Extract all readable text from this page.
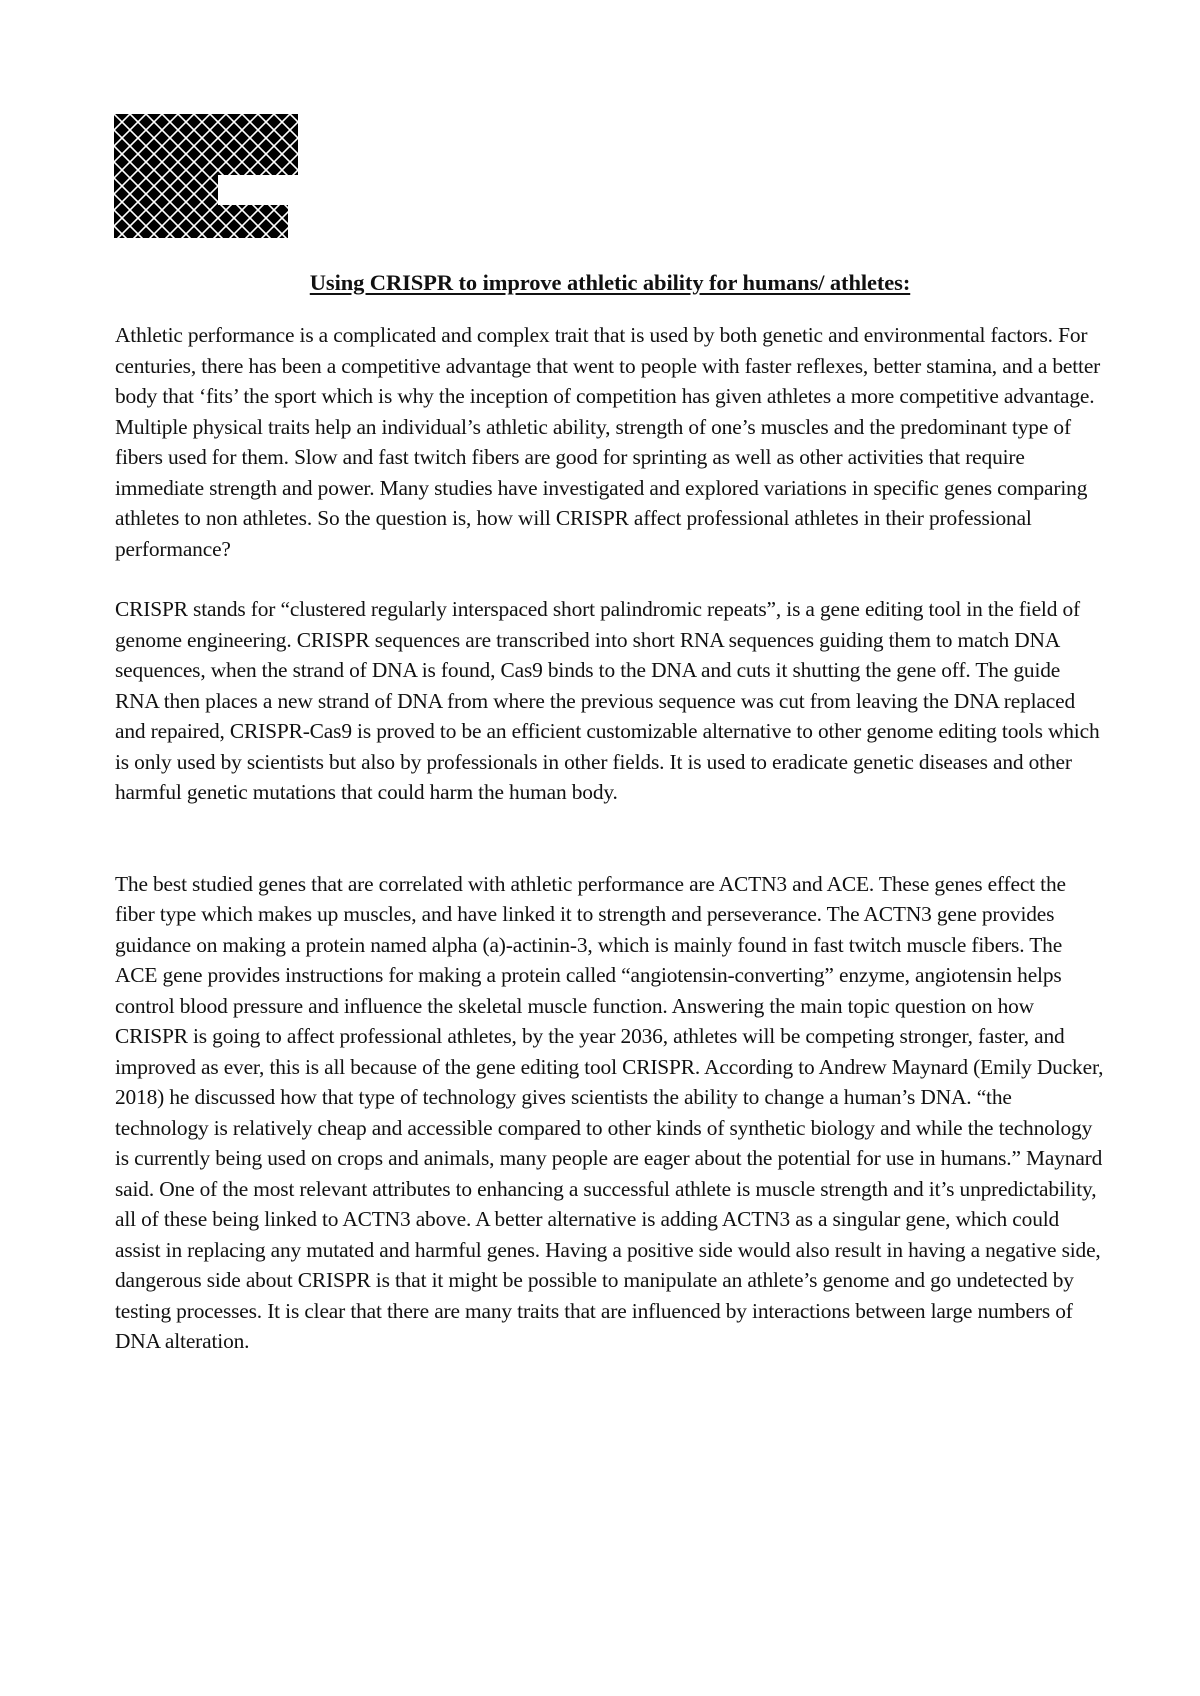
Using CRISPR to improve athletic ability for humans/ athletes:

Athletic performance is a complicated and complex trait that is used by both genetic and environmental factors. For centuries, there has been a competitive advantage that went to people with faster reflexes, better stamina, and a better body that ‘fits’ the sport which is why the inception of competition has given athletes a more competitive advantage. Multiple physical traits help an individual’s athletic ability, strength of one’s muscles and the predominant type of fibers used for them. Slow and fast twitch fibers are good for sprinting as well as other activities that require immediate strength and power. Many studies have investigated and explored variations in specific genes comparing athletes to non athletes. So the question is, how will CRISPR affect professional athletes in their professional performance?

CRISPR stands for “clustered regularly interspaced short palindromic repeats”, is a gene editing tool in the field of genome engineering. CRISPR sequences are transcribed into short RNA sequences guiding them to match DNA sequences, when the strand of DNA is found, Cas9 binds to the DNA and cuts it shutting the gene off. The guide RNA then places a new strand of DNA from where the previous sequence was cut from leaving the DNA replaced and repaired, CRISPR-Cas9 is proved to be an efficient customizable alternative to other genome editing tools which is only used by scientists but also by professionals in other fields. It is used to eradicate genetic diseases and other harmful genetic mutations that could harm the human body.

The best studied genes that are correlated with athletic performance are ACTN3 and ACE. These genes effect the fiber type which makes up muscles, and have linked it to strength and perseverance. The ACTN3 gene provides guidance on making a protein named alpha (a)-actinin-3, which is mainly found in fast twitch muscle fibers. The ACE gene provides instructions for making a protein called “angiotensin-converting” enzyme, angiotensin helps control blood pressure and influence the skeletal muscle function. Answering the main topic question on how CRISPR is going to affect professional athletes, by the year 2036, athletes will be competing stronger, faster, and improved as ever, this is all because of the gene editing tool CRISPR. According to Andrew Maynard (Emily Ducker, 2018) he discussed how that type of technology gives scientists the ability to change a human’s DNA. “the technology is relatively cheap and accessible compared to other kinds of synthetic biology and while the technology is currently being used on crops and animals, many people are eager about the potential for use in humans.” Maynard said. One of the most relevant attributes to enhancing a successful athlete is muscle strength and it’s unpredictability, all of these being linked to ACTN3 above. A better alternative is adding ACTN3 as a singular gene, which could assist in replacing any mutated and harmful genes. Having a positive side would also result in having a negative side, dangerous side about CRISPR is that it might be possible to manipulate an athlete’s genome and go undetected by testing processes. It is clear that there are many traits that are influenced by interactions between large numbers of DNA alteration.
